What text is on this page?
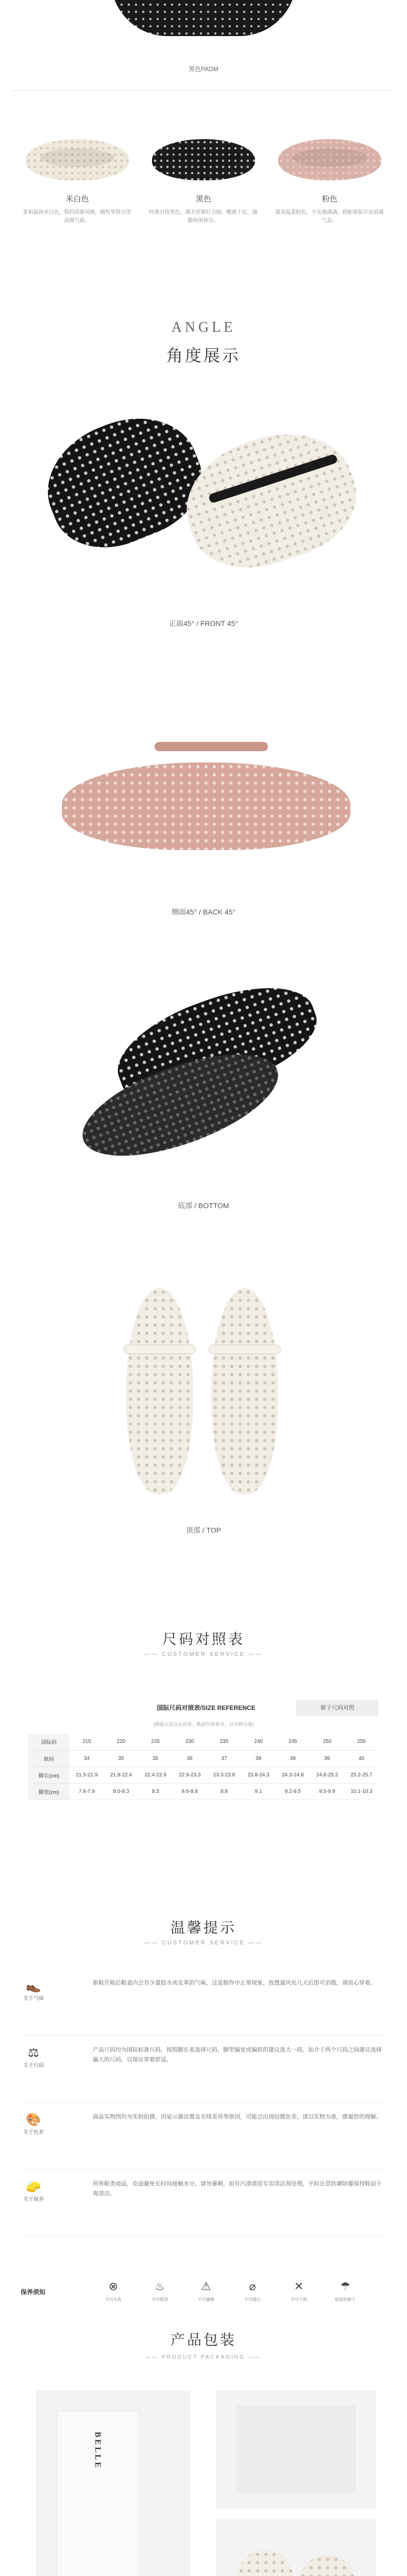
黑色PADM
米白色	黑色	粉色
柔和温润米白色，简约清新风格，随性穿搭自带高级气质。
经典百搭黑色，满天星铆钉点缀，酷感十足，通勤休闲皆宜。
甜美温柔粉色，少女感满满，搭配裙装尽显浪漫气息。
ANGLE
角度展示
正面45° / FRONT 45°
侧面45° / BACK 45°
底部 / BOTTOM
顶部 / TOP
尺码对照表
—— CUSTOMER SERVICE ——
国际尺码对照表/SIZE REFERENCE	敏子尺码对照
(测量方法存在误差，数据仅供参考，以实物为准)
国际码	215	220	225	230	235	240	245	250	255
欧码	34	35	35	36	37	38	39	39	40
脚长(cm)	21.5-21.9	21.9-22.4	22.4-22.9	22.9-23.3	23.3-23.8	23.8-24.3	24.3-24.8	24.8-25.2	25.2-25.7
脚宽(cm)	7.6-7.9	8.0-8.3	8.3	8.6-8.8	8.8	9.1	9.2-9.5	9.5-9.9	10.1-10.3
温馨提示
—— CUSTOMER SERVICE ——
👞
关于气味
新鞋开箱后鞋盒内会有少量胶水或皮革的气味，这是制作中正常现象，放置通风处几天后即可消散，请放心穿着。
⚖
关于尺码
产品尺码均为国际标准尺码，按照脚长来选择尺码，脚型偏宽或偏胖的建议选大一码，如介于两个尺码之间建议选择偏大的尺码，以保证穿着舒适。
🎨
关于色差
商品实物图均为实拍拍摄，因显示器设置及光线差异等原因，可能会出现轻微色差，请以实物为准，感谢您的理解。
🧽
关于保养
所售鞋类商品，皮面避免长时间接触水分，请勿暴晒，如有污渍请用专用清洁剂处理，平时注意防潮防霉保持鞋面干爽清洁。
保养须知	⊗
不可水洗
♨
不可熨烫
⚠
不可暴晒
⌀
不可漂白
✕
不可干洗
☂
阴凉处晾干
产品包装
—— PRODUCT PACKAGING ——
BELLE
